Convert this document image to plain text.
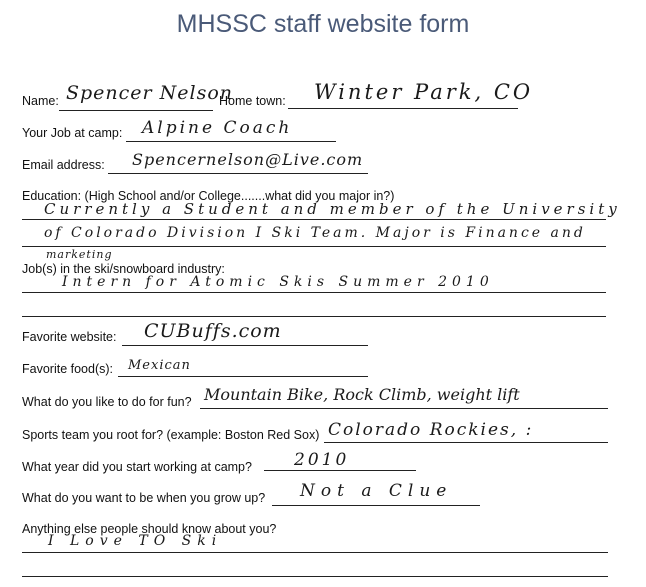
MHSSC staff website form
Name: Spencer Nelson
Home town: Winter Park, CO
Your Job at camp: Alpine Coach
Email address: Spencernelson@Live.com
Education: (High School and/or College.......what did you major in?)
Currently a Student and member of the University
of Colorado Division I Ski Team. Major is Finance and
marketing
Job(s) in the ski/snowboard industry:
Intern for Atomic Skis Summer 2010
Favorite website: CUBuffs.com
Favorite food(s): Mexican
What do you like to do for fun? Mountain Bike, Rock Climb, weight lift
Sports team you root for? (example: Boston Red Sox) Colorado Rockies, :
What year did you start working at camp? 2010
What do you want to be when you grow up? Not a Clue
Anything else people should know about you?
I Love TO Ski
